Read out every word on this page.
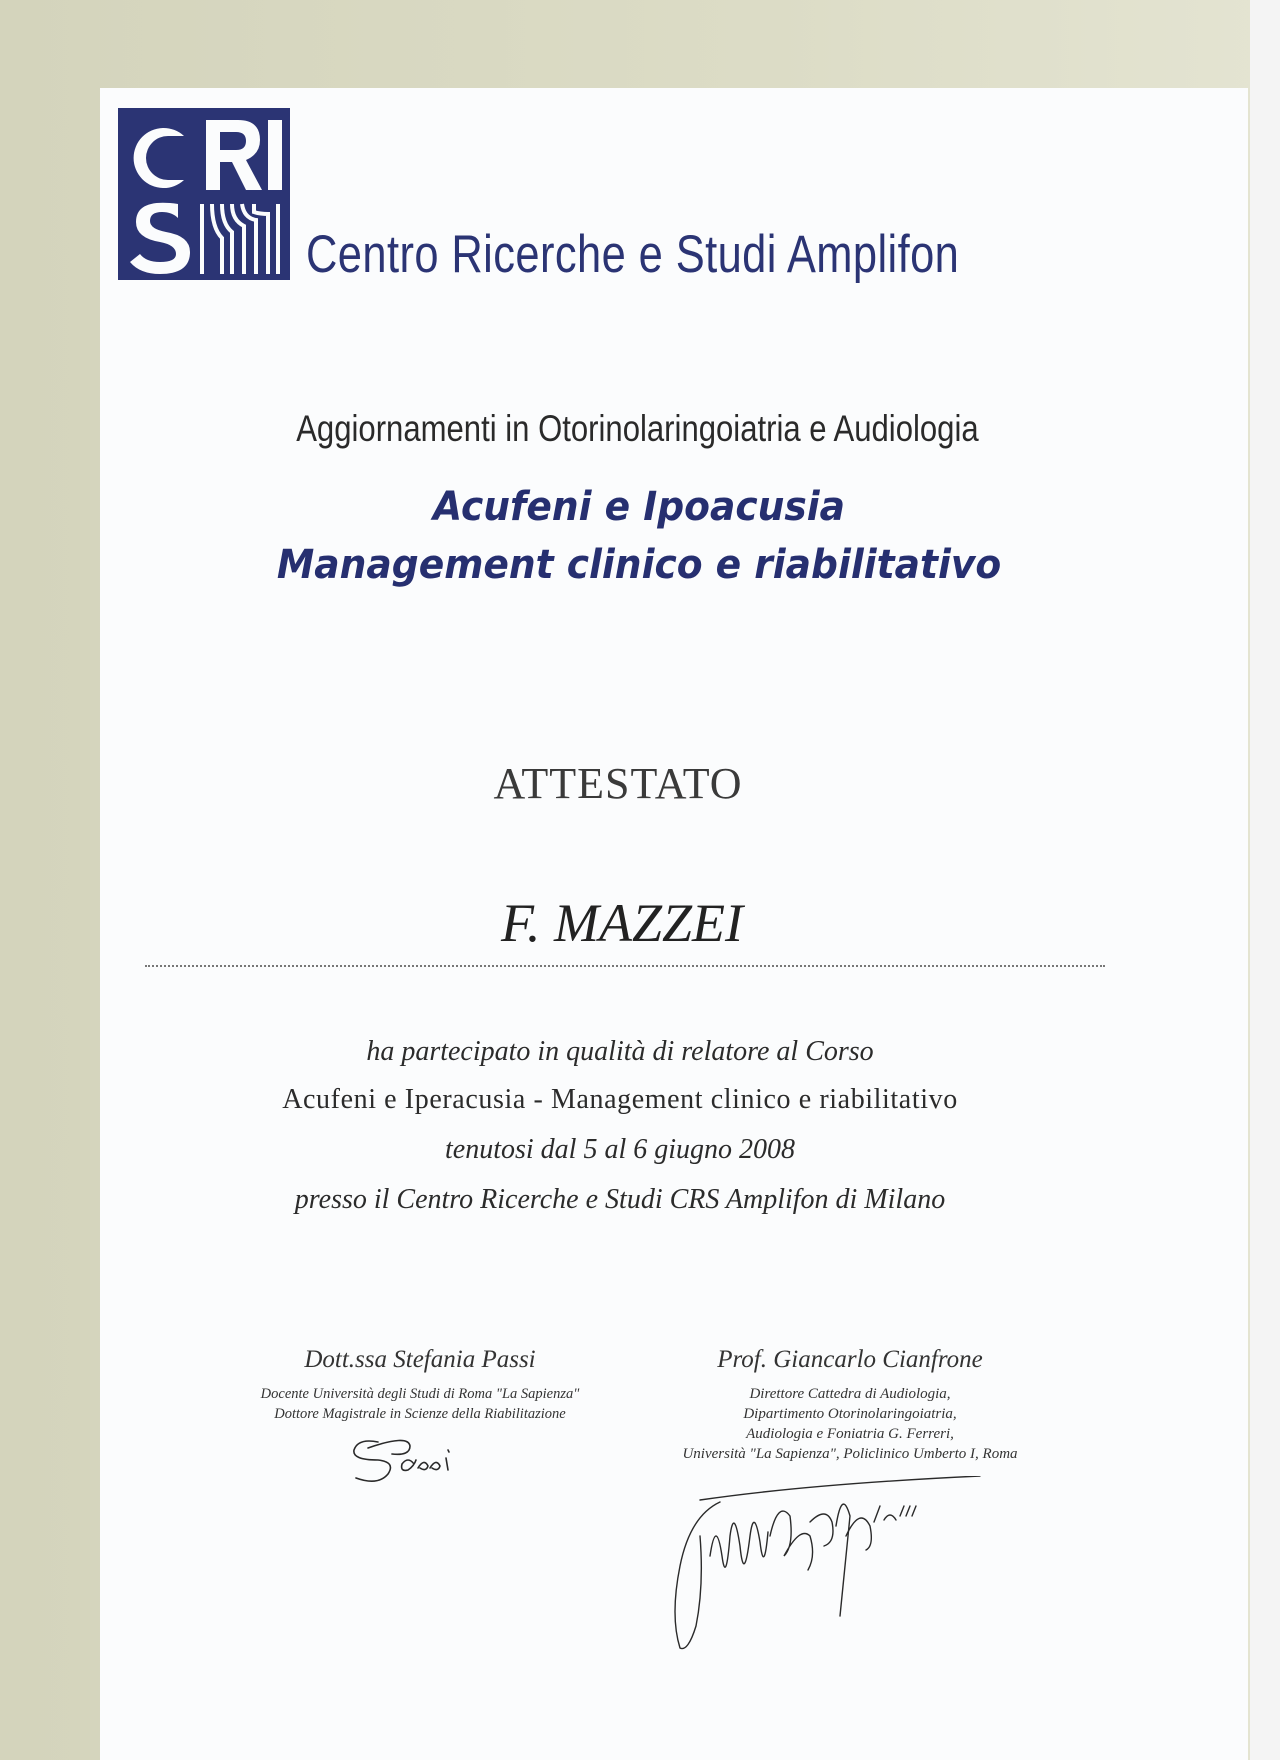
Centro Ricerche e Studi Amplifon
Aggiornamenti in Otorinolaringoiatria e Audiologia
Acufeni e Ipoacusia
Management clinico e riabilitativo
ATTESTATO
F. MAZZEI
ha partecipato in qualità di relatore al Corso
Acufeni e Iperacusia - Management clinico e riabilitativo
tenutosi dal 5 al 6 giugno 2008
presso il Centro Ricerche e Studi CRS Amplifon di Milano
Dott.ssa Stefania Passi
Docente Università degli Studi di Roma "La Sapienza"
Dottore Magistrale in Scienze della Riabilitazione
Prof. Giancarlo Cianfrone
Direttore Cattedra di Audiologia,
Dipartimento Otorinolaringoiatria,
Audiologia e Foniatria G. Ferreri,
Università "La Sapienza", Policlinico Umberto I, Roma
